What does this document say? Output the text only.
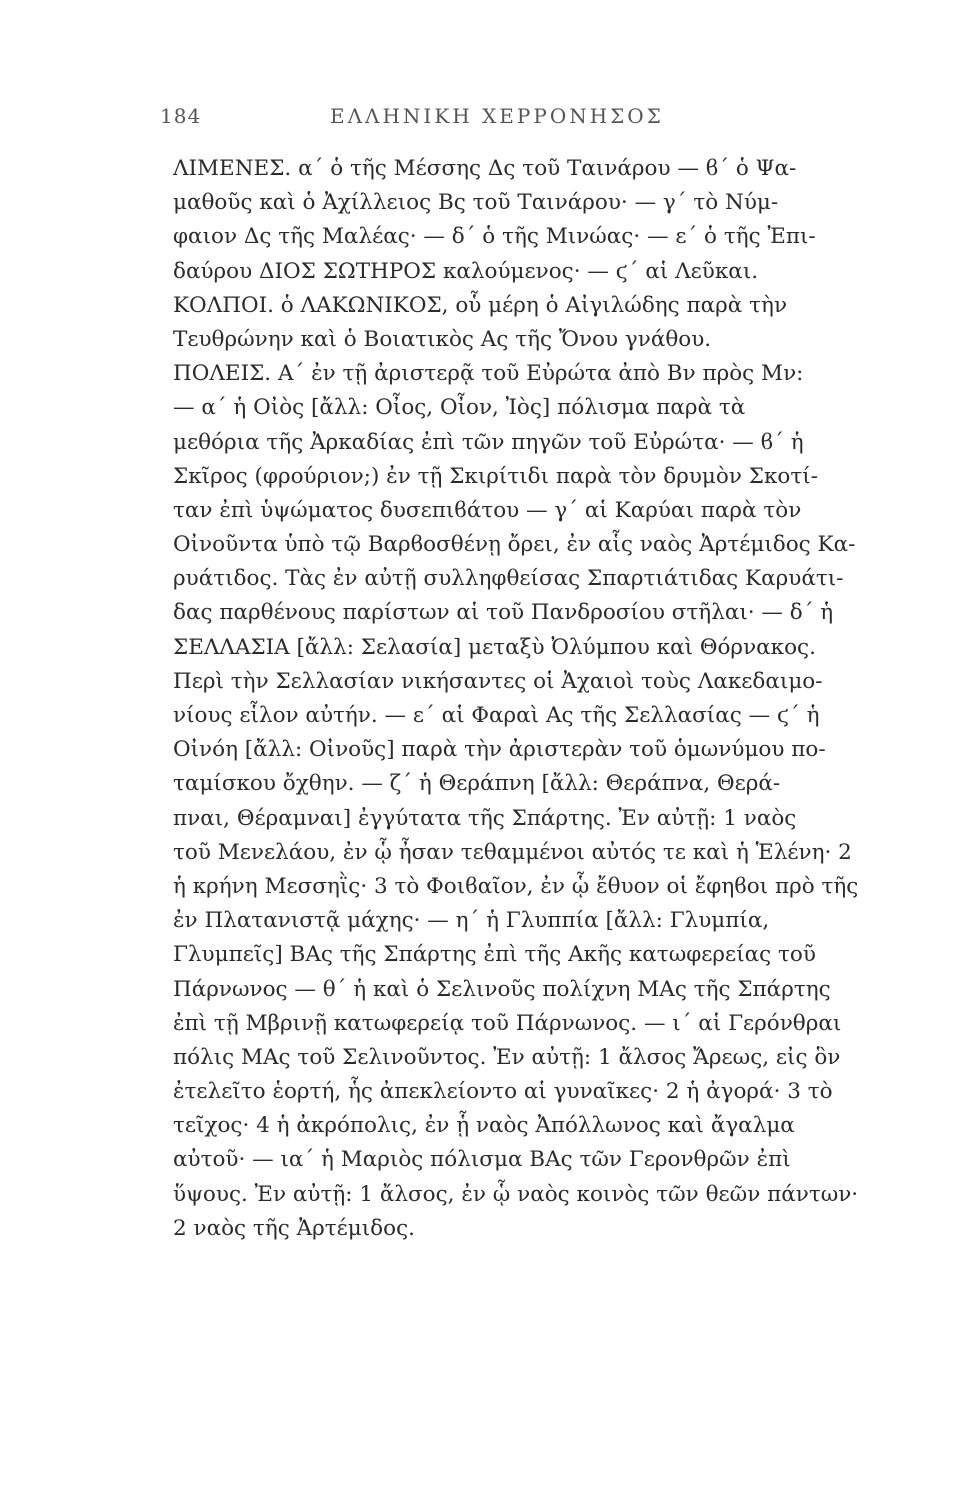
184	ΕΛΛΗΝΙΚΗ ΧΕΡΡΟΝΗΣΟΣ
ΛΙΜΕΝΕΣ. α΄ ὁ τῆς Μέσσης Δς τοῦ Ταινάρου — ϐ΄ ὁ Ψα-
μαθοῦς καὶ ὁ Ἀχίλλειος Βς τοῦ Ταινάρου· — γ΄ τὸ Νύμ-
φαιον Δς τῆς Μαλέας· — δ΄ ὁ τῆς Μινώας· — ε΄ ὁ τῆς Ἐπι-
δαύρου ΔΙΟΣ ΣΩΤΗΡΟΣ καλούμενος· — ϛ΄ αἱ Λεῦκαι.
ΚΟΛΠΟΙ. ὁ ΛΑΚΩΝΙΚΟΣ, οὗ μέρη ὁ Αἰγιλώδης παρὰ τὴν
Τευθρώνην καὶ ὁ Βοιατικὸς Ας τῆς Ὄνου γνάθου.
ΠΟΛΕΙΣ. Α΄ ἐν τῇ ἀριστερᾷ τοῦ Εὐρώτα ἀπὸ Βν πρὸς Μν:
— α΄ ἡ Οἰὸς [ἄλλ: Οἶος, Οἶον, Ἰὸς] πόλισμα παρὰ τὰ
μεθόρια τῆς Ἀρκαδίας ἐπὶ τῶν πηγῶν τοῦ Εὐρώτα· — ϐ΄ ἡ
Σκῖρος (φρούριον;) ἐν τῇ Σκιρίτιδι παρὰ τὸν δρυμὸν Σκοτί-
ταν ἐπὶ ὑψώματος δυσεπιϐάτου — γ΄ αἱ Καρύαι παρὰ τὸν
Οἰνοῦντα ὑπὸ τῷ Βαρϐοσθένῃ ὄρει, ἐν αἷς ναὸς Ἀρτέμιδος Κα-
ρυάτιδος. Τὰς ἐν αὐτῇ συλληφθείσας Σπαρτιάτιδας Καρυάτι-
δας παρθένους παρίστων αἱ τοῦ Πανδροσίου στῆλαι· — δ΄ ἡ
ΣΕΛΛΑΣΙΑ [ἄλλ: Σελασία] μεταξὺ Ὀλύμπου καὶ Θόρνακος.
Περὶ τὴν Σελλασίαν νικήσαντες οἱ Ἀχαιοὶ τοὺς Λακεδαιμο-
νίους εἷλον αὐτήν. — ε΄ αἱ Φαραὶ Ας τῆς Σελλασίας — ϛ΄ ἡ
Οἰνόη [ἄλλ: Οἰνοῦς] παρὰ τὴν ἀριστερὰν τοῦ ὁμωνύμου πο-
ταμίσκου ὄχθην. — ζ΄ ἡ Θεράπνη [ἄλλ: Θεράπνα, Θερά-
πναι, Θέραμναι] ἐγγύτατα τῆς Σπάρτης. Ἐν αὐτῇ: 1 ναὸς
τοῦ Μενελάου, ἐν ᾧ ἦσαν τεθαμμένοι αὐτός τε καὶ ἡ Ἑλένη· 2
ἡ κρήνη Μεσσηῒς· 3 τὸ Φοιϐαῖον, ἐν ᾧ ἔθυον οἱ ἔφηϐοι πρὸ τῆς
ἐν Πλατανιστᾷ μάχης· — η΄ ἡ Γλυππία [ἄλλ: Γλυμπία,
Γλυμπεῖς] ΒΑς τῆς Σπάρτης ἐπὶ τῆς Ακῆς κατωφερείας τοῦ
Πάρνωνος — θ΄ ἡ καὶ ὁ Σελινοῦς πολίχνη ΜΑς τῆς Σπάρτης
ἐπὶ τῇ Μβρινῇ κατωφερείᾳ τοῦ Πάρνωνος. — ι΄ αἱ Γερόνθραι
πόλις ΜΑς τοῦ Σελινοῦντος. Ἐν αὐτῇ: 1 ἄλσος Ἄρεως, εἰς ὃν
ἐτελεῖτο ἑορτή, ἧς ἀπεκλείοντο αἱ γυναῖκες· 2 ἡ ἀγορά· 3 τὸ
τεῖχος· 4 ἡ ἀκρόπολις, ἐν ᾗ ναὸς Ἀπόλλωνος καὶ ἄγαλμα
αὐτοῦ· — ια΄ ἡ Μαριὸς πόλισμα ΒΑς τῶν Γερονθρῶν ἐπὶ
ὕψους. Ἐν αὐτῇ: 1 ἄλσος, ἐν ᾧ ναὸς κοινὸς τῶν θεῶν πάντων·
2 ναὸς τῆς Ἀρτέμιδος.
